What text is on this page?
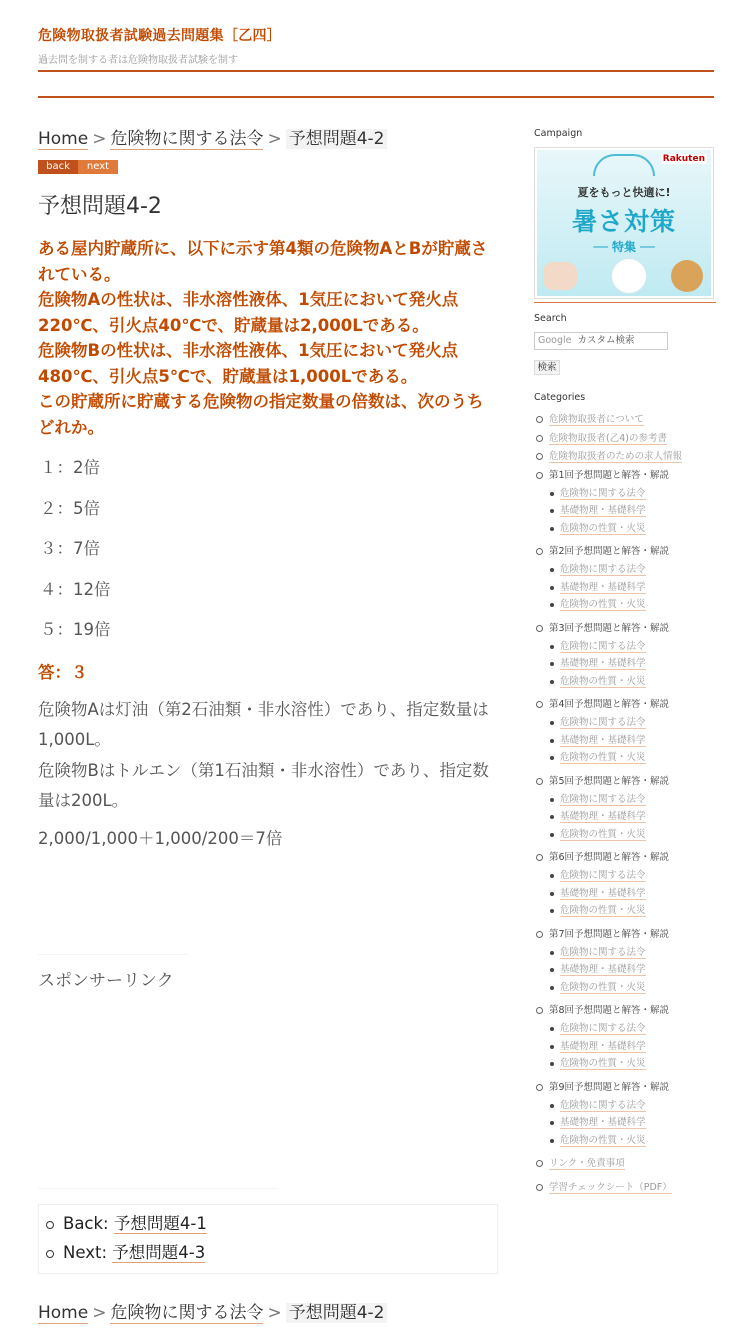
危険物取扱者試験過去問題集［乙四］
過去問を制する者は危険物取扱者試験を制す
Home > 危険物に関する法令 > 予想問題4-2
back	next
予想問題4-2
ある屋内貯蔵所に、以下に示す第4類の危険物AとBが貯蔵されている。
危険物Aの性状は、非水溶性液体、1気圧において発火点220℃、引火点40℃で、貯蔵量は2,000Lである。
危険物Bの性状は、非水溶性液体、1気圧において発火点480℃、引火点5℃で、貯蔵量は1,000Lである。
この貯蔵所に貯蔵する危険物の指定数量の倍数は、次のうちどれか。
１：2倍
２：5倍
３：7倍
４：12倍
５：19倍
答：３
危険物Aは灯油（第2石油類・非水溶性）であり、指定数量は1,000L。
危険物Bはトルエン（第1石油類・非水溶性）であり、指定数量は200L。
2,000/1,000＋1,000/200＝7倍
スポンサーリンク
Back: 予想問題4-1
Next: 予想問題4-3
Home > 危険物に関する法令 > 予想問題4-2
Campaign
Rakuten
夏をもっと快適に!
暑さ対策
── 特集 ──
Search
Google カスタム検索
検索
Categories
危険物取扱者について
危険物取扱者(乙4)の参考書
危険物取扱者のための求人情報
第1回予想問題と解答・解説
危険物に関する法令
基礎物理・基礎科学
危険物の性質・火災
第2回予想問題と解答・解説
危険物に関する法令
基礎物理・基礎科学
危険物の性質・火災
第3回予想問題と解答・解説
危険物に関する法令
基礎物理・基礎科学
危険物の性質・火災
第4回予想問題と解答・解説
危険物に関する法令
基礎物理・基礎科学
危険物の性質・火災
第5回予想問題と解答・解説
危険物に関する法令
基礎物理・基礎科学
危険物の性質・火災
第6回予想問題と解答・解説
危険物に関する法令
基礎物理・基礎科学
危険物の性質・火災
第7回予想問題と解答・解説
危険物に関する法令
基礎物理・基礎科学
危険物の性質・火災
第8回予想問題と解答・解説
危険物に関する法令
基礎物理・基礎科学
危険物の性質・火災
第9回予想問題と解答・解説
危険物に関する法令
基礎物理・基礎科学
危険物の性質・火災
リンク・免責事項
学習チェックシート（PDF）
